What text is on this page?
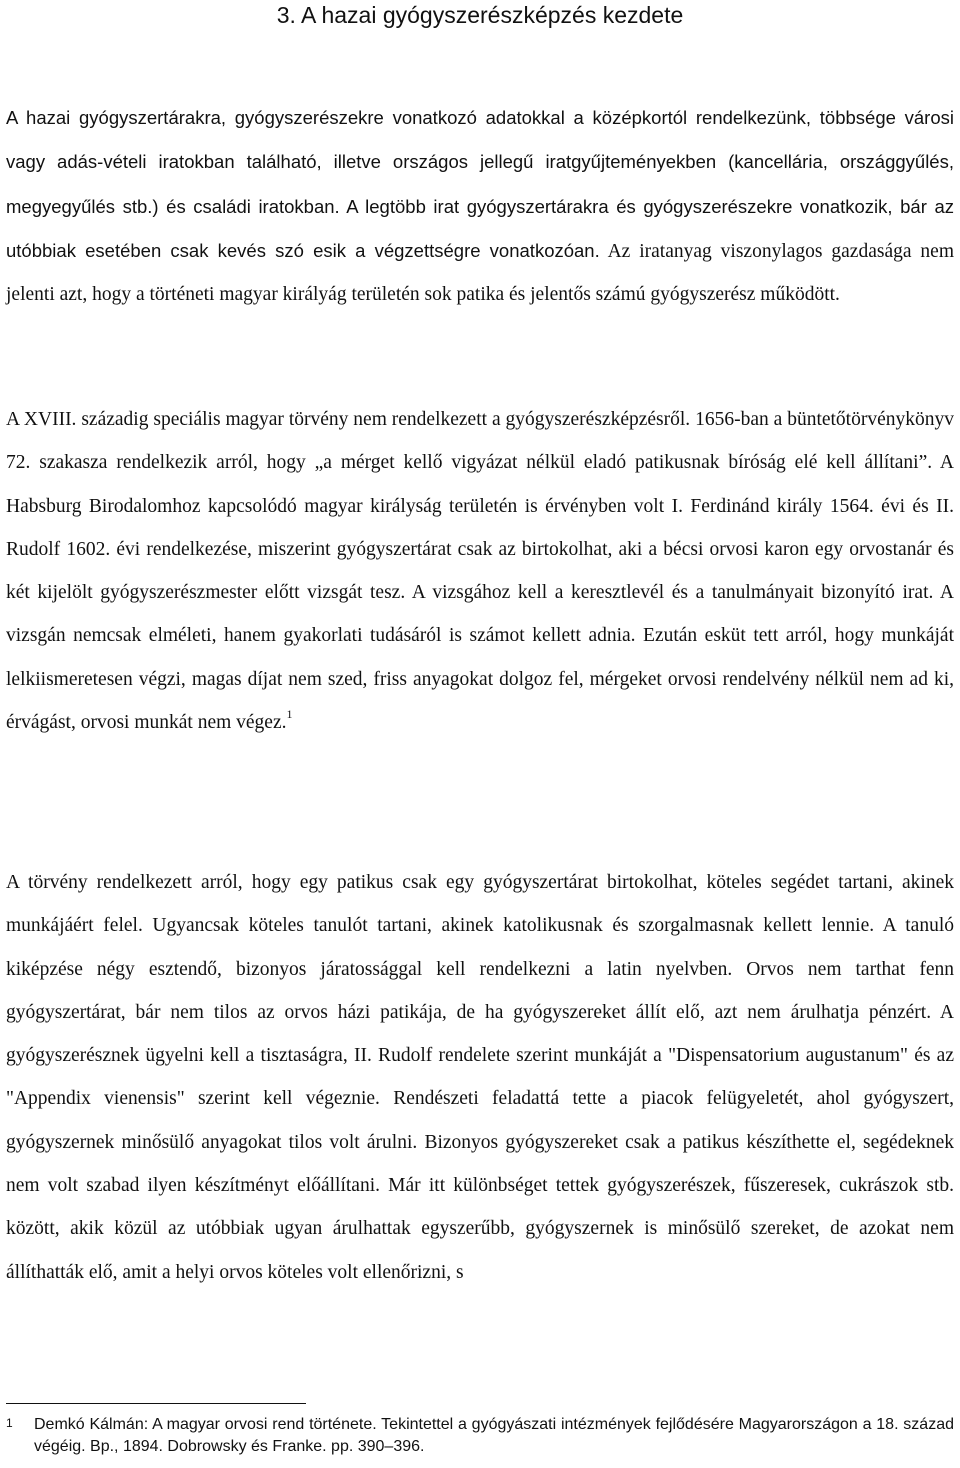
3. A hazai gyógyszerészképzés kezdete

A hazai gyógyszertárakra, gyógyszerészekre vonatkozó adatokkal a középkortól rendelkezünk, többsége városi vagy adás-vételi iratokban található, illetve országos jellegű iratgyűjteményekben (kancellária, országgyűlés, megyegyűlés stb.) és családi iratokban. A legtöbb irat gyógyszertárakra és gyógyszerészekre vonatkozik, bár az utóbbiak esetében csak kevés szó esik a végzettségre vonatkozóan. Az iratanyag viszonylagos gazdasága nem jelenti azt, hogy a történeti magyar királyág területén sok patika és jelentős számú gyógyszerész működött.

A XVIII. századig speciális magyar törvény nem rendelkezett a gyógyszerészképzésről. 1656-ban a büntetőtörvénykönyv 72. szakasza rendelkezik arról, hogy „a mérget kellő vigyázat nélkül eladó patikusnak bíróság elé kell állítani”. A Habsburg Birodalomhoz kapcsolódó magyar királyság területén is érvényben volt I. Ferdinánd király 1564. évi és II. Rudolf 1602. évi rendelkezése, miszerint gyógyszertárat csak az birtokolhat, aki a bécsi orvosi karon egy orvostanár és két kijelölt gyógyszerészmester előtt vizsgát tesz. A vizsgához kell a keresztlevél és a tanulmányait bizonyító irat. A vizsgán nemcsak elméleti, hanem gyakorlati tudásáról is számot kellett adnia. Ezután esküt tett arról, hogy munkáját lelkiismeretesen végzi, magas díjat nem szed, friss anyagokat dolgoz fel, mérgeket orvosi rendelvény nélkül nem ad ki, érvágást, orvosi munkát nem végez.$^1$

A törvény rendelkezett arról, hogy egy patikus csak egy gyógyszertárat birtokolhat, köteles segédet tartani, akinek munkájáért felel. Ugyancsak köteles tanulót tartani, akinek katolikusnak és szorgalmasnak kellett lennie. A tanuló kiképzése négy esztendő, bizonyos járatossággal kell rendelkezni a latin nyelvben. Orvos nem tarthat fenn gyógyszertárat, bár nem tilos az orvos házi patikája, de ha gyógyszereket állít elő, azt nem árulhatja pénzért. A gyógyszerésznek ügyelni kell a tisztaságra, II. Rudolf rendelete szerint munkáját a "Dispensatorium augustanum" és az "Appendix vienensis" szerint kell végeznie. Rendészeti feladattá tette a piacok felügyeletét, ahol gyógyszert, gyógyszernek minősülő anyagokat tilos volt árulni. Bizonyos gyógyszereket csak a patikus készíthette el, segédeknek nem volt szabad ilyen készítményt előállítani. Már itt különbséget tettek gyógyszerészek, fűszeresek, cukrászok stb. között, akik közül az utóbbiak ugyan árulhattak egyszerűbb, gyógyszernek is minősülő szereket, de azokat nem állíthatták elő, amit a helyi orvos köteles volt ellenőrizni, s

1 Demkó Kálmán: A magyar orvosi rend története. Tekintettel a gyógyászati intézmények fejlődésére Magyarországon a 18. század végéig. Bp., 1894. Dobrowsky és Franke. pp. 390–396.
